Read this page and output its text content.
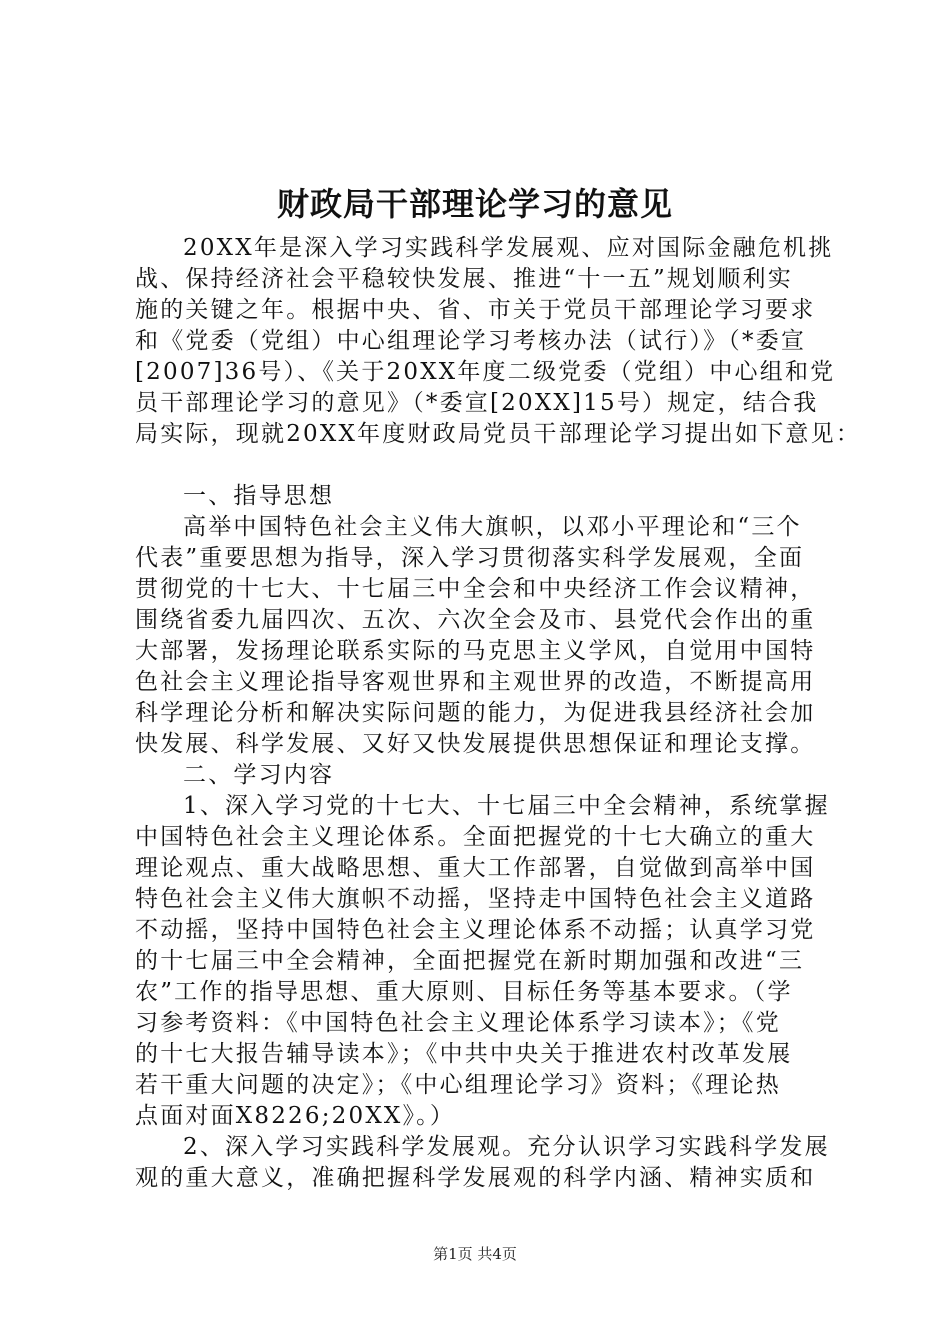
财政局干部理论学习的意见
20XX年是深入学习实践科学发展观、应对国际金融危机挑
战、保持经济社会平稳较快发展、推进“十一五”规划顺利实
施的关键之年。根据中央、省、市关于党员干部理论学习要求
和《党委（党组）中心组理论学习考核办法（试行）》（*委宣
[2007]36号）、《关于20XX年度二级党委（党组）中心组和党
员干部理论学习的意见》（*委宣[20XX]15号）规定，结合我
局实际，现就20XX年度财政局党员干部理论学习提出如下意见：
一、指导思想
高举中国特色社会主义伟大旗帜，以邓小平理论和“三个
代表”重要思想为指导，深入学习贯彻落实科学发展观，全面
贯彻党的十七大、十七届三中全会和中央经济工作会议精神，
围绕省委九届四次、五次、六次全会及市、县党代会作出的重
大部署，发扬理论联系实际的马克思主义学风，自觉用中国特
色社会主义理论指导客观世界和主观世界的改造，不断提高用
科学理论分析和解决实际问题的能力，为促进我县经济社会加
快发展、科学发展、又好又快发展提供思想保证和理论支撑。
二、学习内容
1、深入学习党的十七大、十七届三中全会精神，系统掌握
中国特色社会主义理论体系。全面把握党的十七大确立的重大
理论观点、重大战略思想、重大工作部署，自觉做到高举中国
特色社会主义伟大旗帜不动摇，坚持走中国特色社会主义道路
不动摇，坚持中国特色社会主义理论体系不动摇；认真学习党
的十七届三中全会精神，全面把握党在新时期加强和改进“三
农”工作的指导思想、重大原则、目标任务等基本要求。（学
习参考资料：《中国特色社会主义理论体系学习读本》；《党
的十七大报告辅导读本》；《中共中央关于推进农村改革发展
若干重大问题的决定》；《中心组理论学习》资料；《理论热
点面对面X8226;20XX》。）
2、深入学习实践科学发展观。充分认识学习实践科学发展
观的重大意义，准确把握科学发展观的科学内涵、精神实质和
第1页 共4页
